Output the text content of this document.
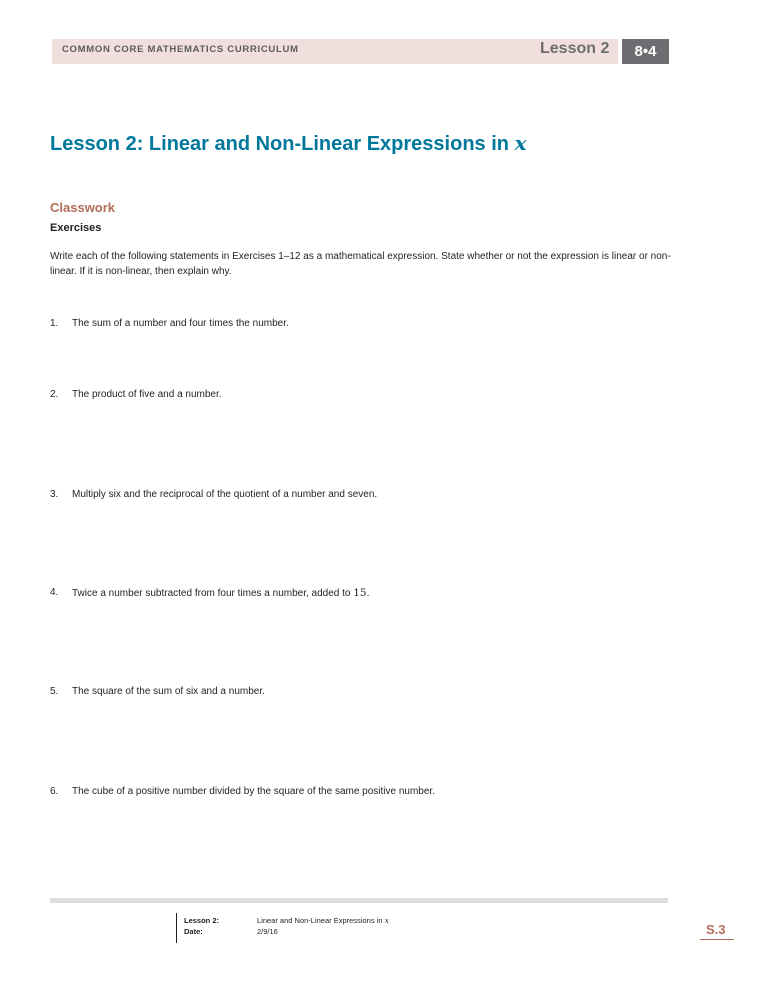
COMMON CORE MATHEMATICS CURRICULUM	Lesson 2 8•4
Lesson 2: Linear and Non-Linear Expressions in x
Classwork
Exercises
Write each of the following statements in Exercises 1–12 as a mathematical expression. State whether or not the expression is linear or non-linear. If it is non-linear, then explain why.
1. The sum of a number and four times the number.
2. The product of five and a number.
3. Multiply six and the reciprocal of the quotient of a number and seven.
4. Twice a number subtracted from four times a number, added to 15.
5. The square of the sum of six and a number.
6. The cube of a positive number divided by the square of the same positive number.
Lesson 2:
Date:
Linear and Non-Linear Expressions in x
2/9/16	S.3
